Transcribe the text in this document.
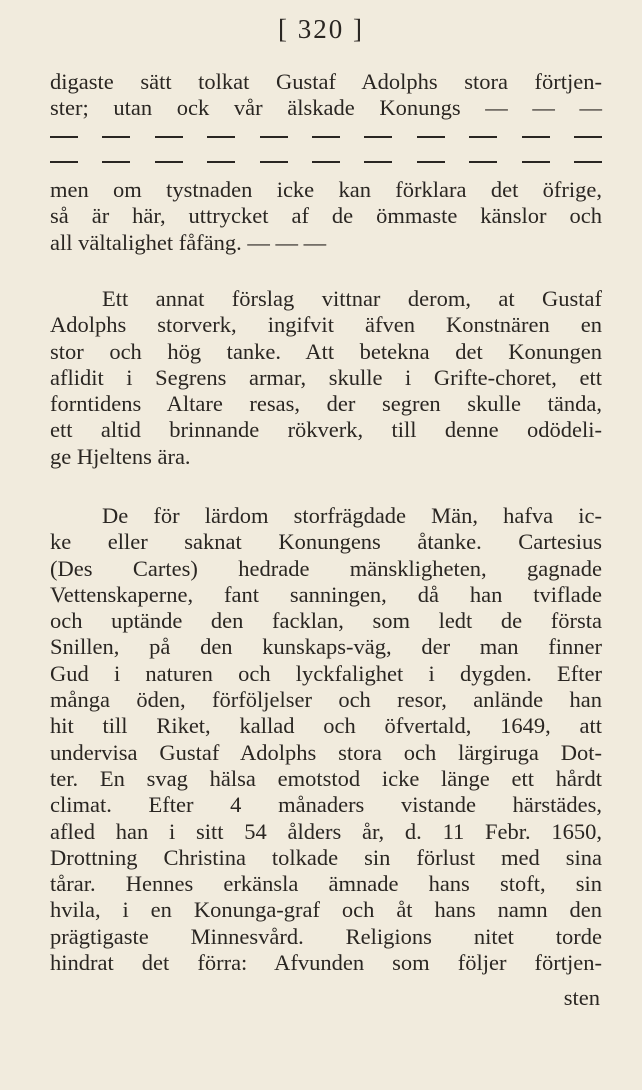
[ 320 ]
digaste sätt tolkat Gustaf Adolphs stora förtjen-
ster; utan ock vår älskade Konungs — — —
men om tystnaden icke kan förklara det öfrige,
så är här, uttrycket af de ömmaste känslor och
all vältalighet fåfäng. — — —
Ett annat förslag vittnar derom, at Gustaf
Adolphs storverk, ingifvit äfven Konstnären en
stor och hög tanke. Att betekna det Konungen
aflidit i Segrens armar, skulle i Grifte-choret, ett
forntidens Altare resas, der segren skulle tända,
ett altid brinnande rökverk, till denne odödeli-
ge Hjeltens ära.
De för lärdom storfrägdade Män, hafva ic-
ke eller saknat Konungens åtanke. Cartesius
(Des Cartes) hedrade mänskligheten, gagnade
Vettenskaperne, fant sanningen, då han tviflade
och uptände den facklan, som ledt de första
Snillen, på den kunskaps-väg, der man finner
Gud i naturen och lyckfalighet i dygden. Efter
många öden, förföljelser och resor, anlände han
hit till Riket, kallad och öfvertald, 1649, att
undervisa Gustaf Adolphs stora och lärgiruga Dot-
ter. En svag hälsa emotstod icke länge ett hårdt
climat. Efter 4 månaders vistande härstädes,
afled han i sitt 54 ålders år, d. 11 Febr. 1650,
Drottning Christina tolkade sin förlust med sina
tårar. Hennes erkänsla ämnade hans stoft, sin
hvila, i en Konunga-graf och åt hans namn den
prägtigaste Minnesvård. Religions nitet torde
hindrat det förra: Afvunden som följer förtjen-
sten
